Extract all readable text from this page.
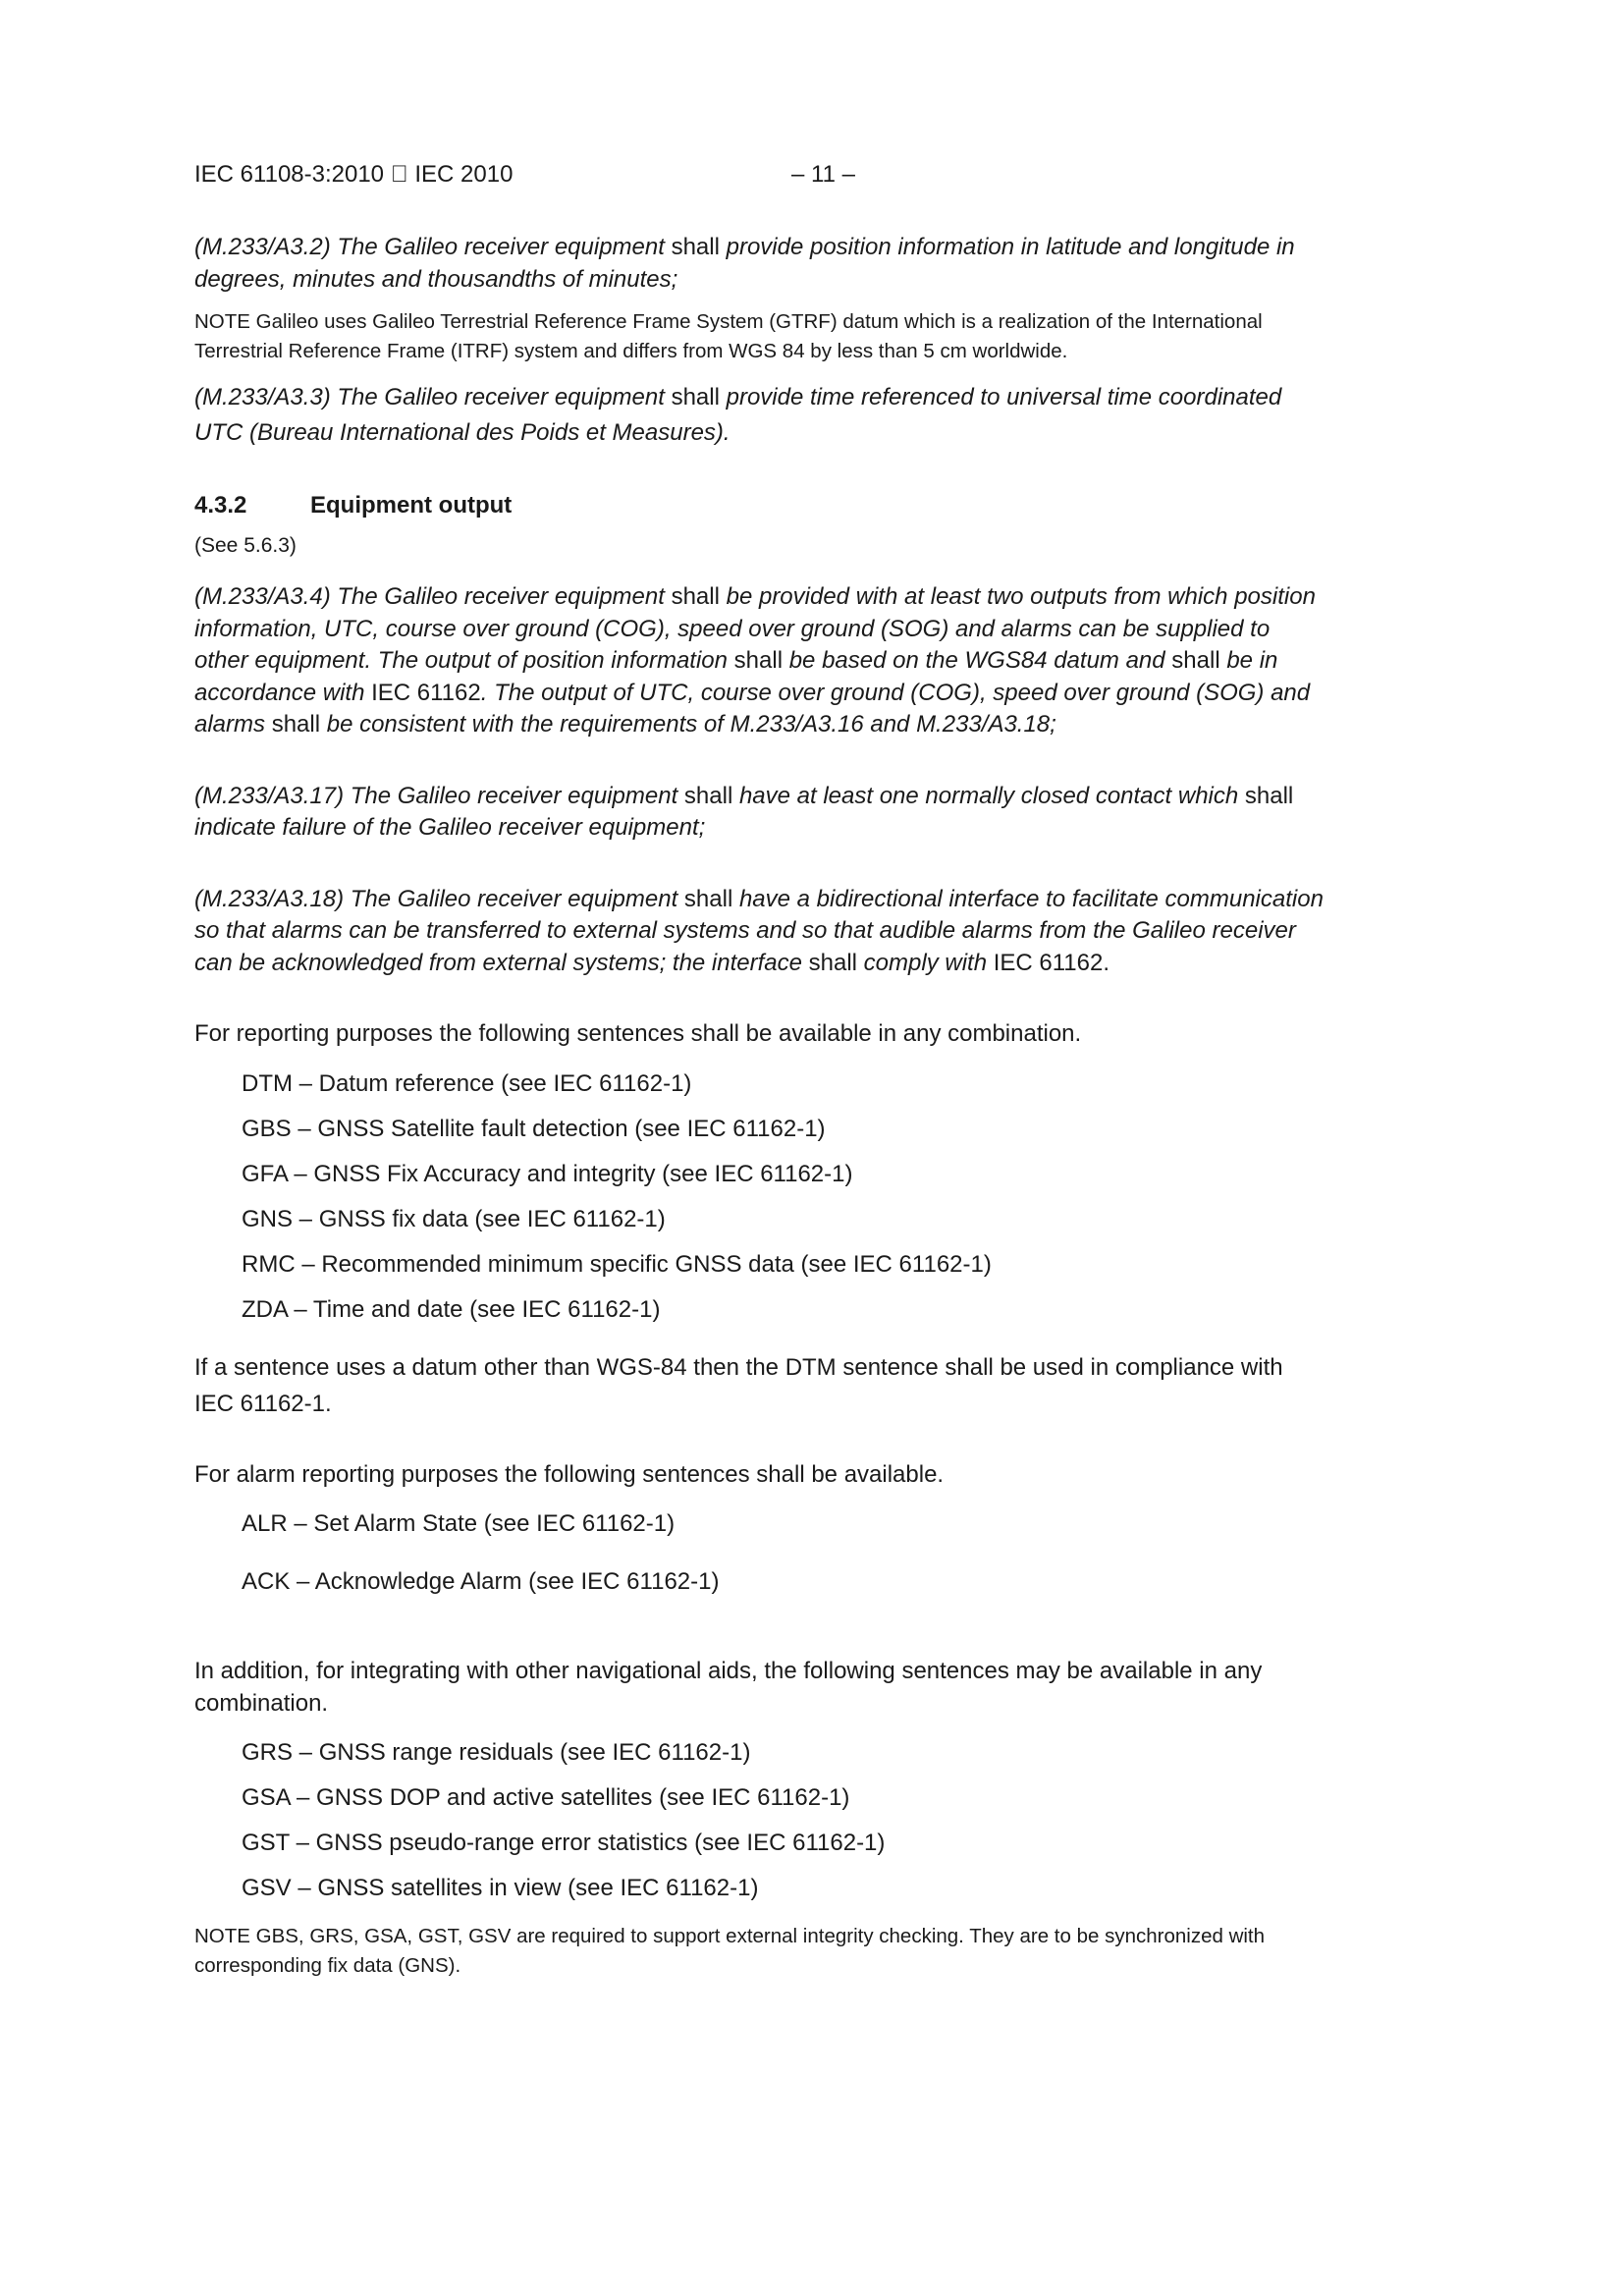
IEC 61108-3:2010 IEC 2010	– 11 –

(M.233/A3.2) The Galileo receiver equipment shall provide position information in latitude and longitude in degrees, minutes and thousandths of minutes;

NOTE Galileo uses Galileo Terrestrial Reference Frame System (GTRF) datum which is a realization of the International Terrestrial Reference Frame (ITRF) system and differs from WGS 84 by less than 5 cm worldwide.

(M.233/A3.3) The Galileo receiver equipment shall provide time referenced to universal time coordinated UTC (Bureau International des Poids et Measures).

4.3.2	Equipment output

(See 5.6.3)

(M.233/A3.4) The Galileo receiver equipment shall be provided with at least two outputs from which position information, UTC, course over ground (COG), speed over ground (SOG) and alarms can be supplied to other equipment. The output of position information shall be based on the WGS84 datum and shall be in accordance with IEC 61162. The output of UTC, course over ground (COG), speed over ground (SOG) and alarms shall be consistent with the requirements of M.233/A3.16 and M.233/A3.18;

(M.233/A3.17) The Galileo receiver equipment shall have at least one normally closed contact which shall indicate failure of the Galileo receiver equipment;

(M.233/A3.18) The Galileo receiver equipment shall have a bidirectional interface to facilitate communication so that alarms can be transferred to external systems and so that audible alarms from the Galileo receiver can be acknowledged from external systems; the interface shall comply with IEC 61162.

For reporting purposes the following sentences shall be available in any combination.

DTM – Datum reference (see IEC 61162-1)
GBS – GNSS Satellite fault detection (see IEC 61162-1)
GFA – GNSS Fix Accuracy and integrity (see IEC 61162-1)
GNS – GNSS fix data (see IEC 61162-1)
RMC – Recommended minimum specific GNSS data (see IEC 61162-1)
ZDA – Time and date (see IEC 61162-1)

If a sentence uses a datum other than WGS-84 then the DTM sentence shall be used in compliance with IEC 61162-1.

For alarm reporting purposes the following sentences shall be available.

ALR – Set Alarm State (see IEC 61162-1)
ACK – Acknowledge Alarm (see IEC 61162-1)

In addition, for integrating with other navigational aids, the following sentences may be available in any combination.

GRS – GNSS range residuals (see IEC 61162-1)
GSA – GNSS DOP and active satellites (see IEC 61162-1)
GST – GNSS pseudo-range error statistics (see IEC 61162-1)
GSV – GNSS satellites in view (see IEC 61162-1)

NOTE GBS, GRS, GSA, GST, GSV are required to support external integrity checking. They are to be synchronized with corresponding fix data (GNS).
